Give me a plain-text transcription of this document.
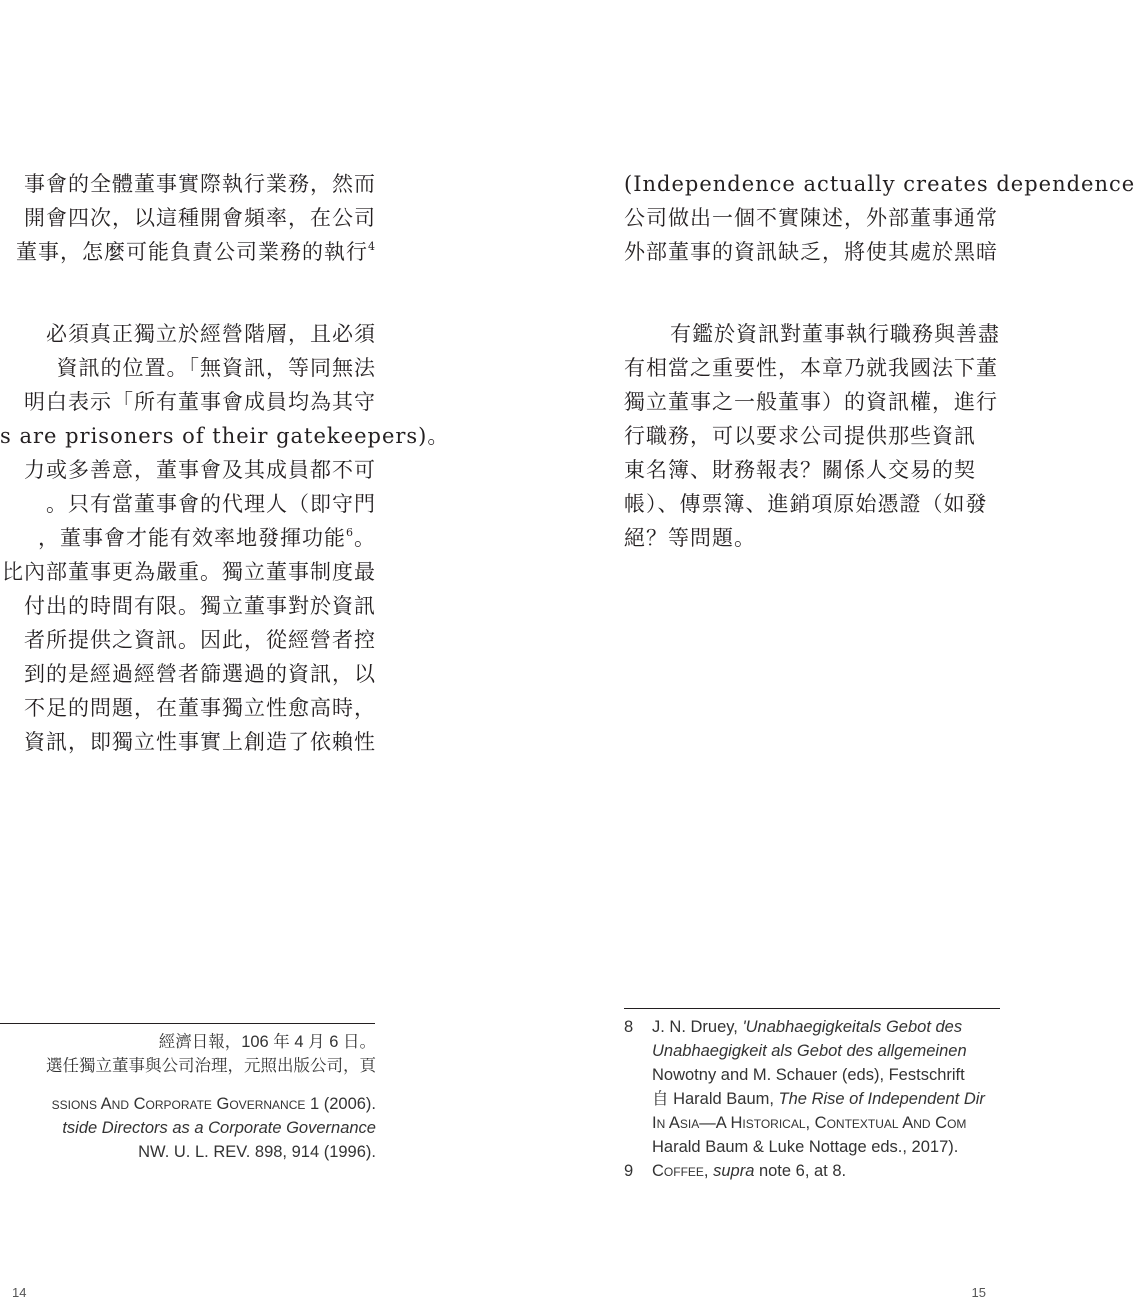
事會的全體董事實際執行業務，然而
開會四次，以這種開會頻率，在公司
董事，怎麼可能負責公司業務的執行$^4$
必須真正獨立於經營階層，且必須
資訊的位置。「無資訊，等同無法
明白表示「所有董事會成員均為其守
s are prisoners of their gatekeepers)。
力或多善意，董事會及其成員都不可
。只有當董事會的代理人（即守門
，董事會才能有效率地發揮功能$^6$。
比內部董事更為嚴重。獨立董事制度最
付出的時間有限。獨立董事對於資訊
者所提供之資訊。因此，從經營者控
到的是經過經營者篩選過的資訊，以
不足的問題，在董事獨立性愈高時，
資訊，即獨立性事實上創造了依賴性
經濟日報，106 年 4 月 6 日。
選任獨立董事與公司治理，元照出版公司，頁
ssions And Corporate Governance 1 (2006).
tside Directors as a Corporate Governance
NW. U. L. REV. 898, 914 (1996).
14
(Independence actually creates dependence
公司做出一個不實陳述，外部董事通常
外部董事的資訊缺乏，將使其處於黑暗
有鑑於資訊對董事執行職務與善盡
有相當之重要性，本章乃就我國法下董
獨立董事之一般董事）的資訊權，進行
行職務，可以要求公司提供那些資訊
東名簿、財務報表？關係人交易的契
帳）、傳票簿、進銷項原始憑證（如發
絕？等問題。
8 J. N. Druey, 'Unabhaegigkeitals Gebot des
Unabhaegigkeit als Gebot des allgemeinen
Nowotny and M. Schauer (eds), Festschrift
自 Harald Baum, The Rise of Independent Dir
In Asia—A Historical, Contextual And Com
Harald Baum & Luke Nottage eds., 2017).
9 Coffee, supra note 6, at 8.
15
